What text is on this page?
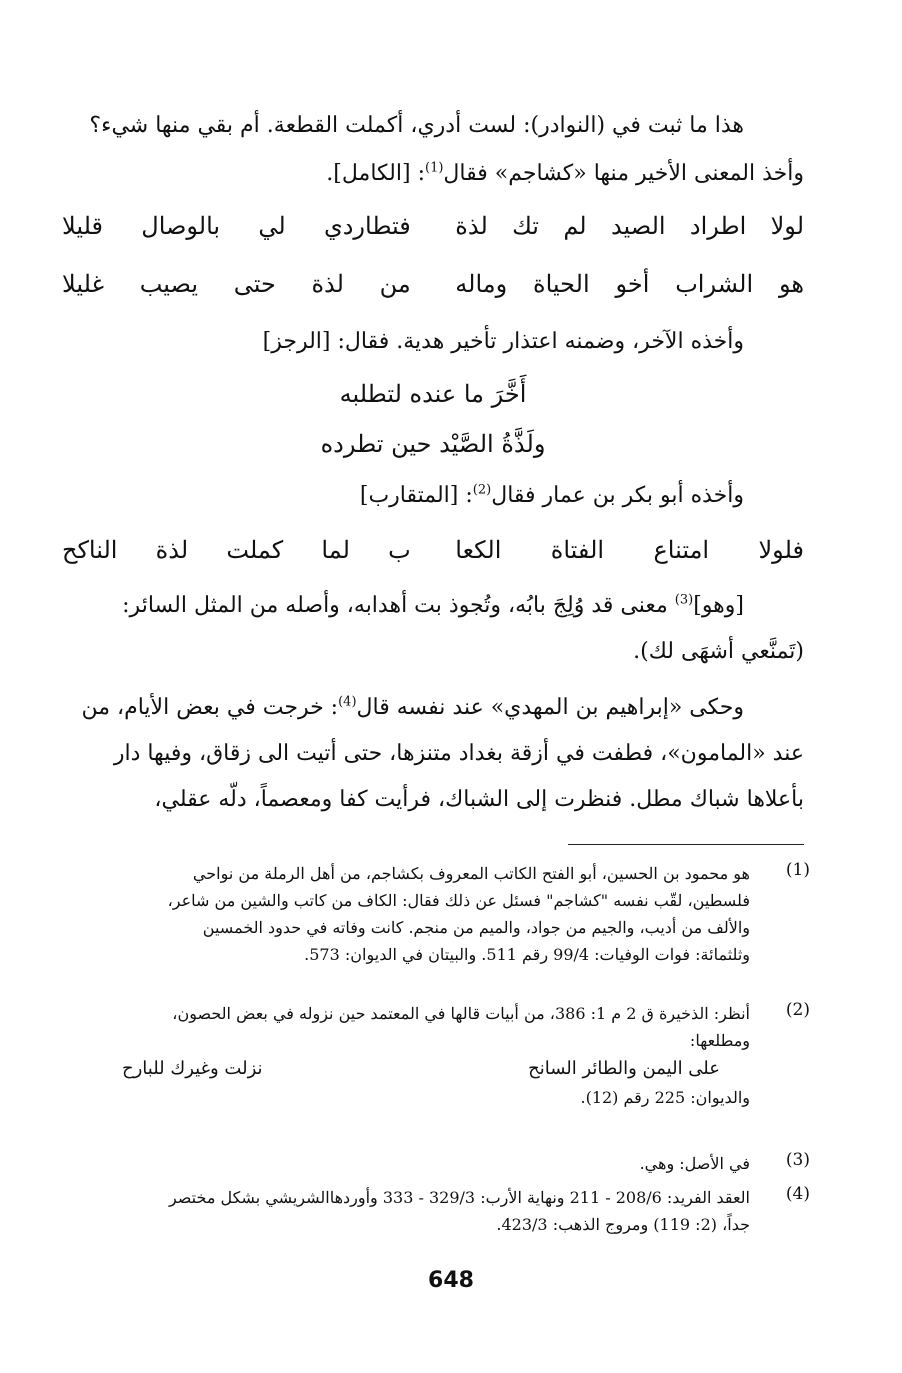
هذا ما ثبت في (النوادر): لست أدري، أكملت القطعة. أم بقي منها شيء؟
وأخذ المعنى الأخير منها «كشاجم» فقال$^{(1)}$: [الكامل].
لولا اطراد الصيد لم تك لذة
فتطاردي لي بالوصال قليلا
هو الشراب أخو الحياة وماله
من لذة حتى يصيب غليلا
وأخذه الآخر، وضمنه اعتذار تأخير هدية. فقال: [الرجز]
أَخَّرَ ما عنده لتطلبه
ولَذَّةُ الصَّيْد حين تطرده
وأخذه أبو بكر بن عمار فقال$^{(2)}$: [المتقارب]
فلولا امتناع الفتاة الكعا
ب لما كملت لذة الناكح
[وهو]$^{(3)}$ معنى قد وُلِجَ بابُه، وتُجوذ بت أهدابه، وأصله من المثل السائر:
(تَمنَّعي أشهَى لك).
وحكى «إبراهيم بن المهدي» عند نفسه قال$^{(4)}$: خرجت في بعض الأيام، من
عند «المامون»، فطفت في أزقة بغداد متنزها، حتى أتيت الى زقاق، وفيها دار
بأعلاها شباك مطل. فنظرت إلى الشباك، فرأيت كفا ومعصماً، دلّه عقلي،
(1)
هو محمود بن الحسين، أبو الفتح الكاتب المعروف بكشاجم، من أهل الرملة من نواحي
فلسطين، لقّب نفسه "كشاجم" فسئل عن ذلك فقال: الكاف من كاتب والشين من شاعر،
والألف من أديب، والجيم من جواد، والميم من منجم. كانت وفاته في حدود الخمسين
وثلثمائة: فوات الوفيات: 99/4 رقم 511. والبيتان في الديوان: 573.
(2)
أنظر: الذخيرة ق 2 م 1: 386، من أبيات قالها في المعتمد حين نزوله في بعض الحصون،
ومطلعها:
على اليمن والطائر السانح
نزلت وغيرك للبارح
والديوان: 225 رقم (12).
(3)
في الأصل: وهي.
(4)
العقد الفريد: 208/6 - 211 ونهاية الأرب: 329/3 - 333 وأوردهاالشريشي بشكل مختصر
جداً، (2: 119) ومروج الذهب: 423/3.
648
